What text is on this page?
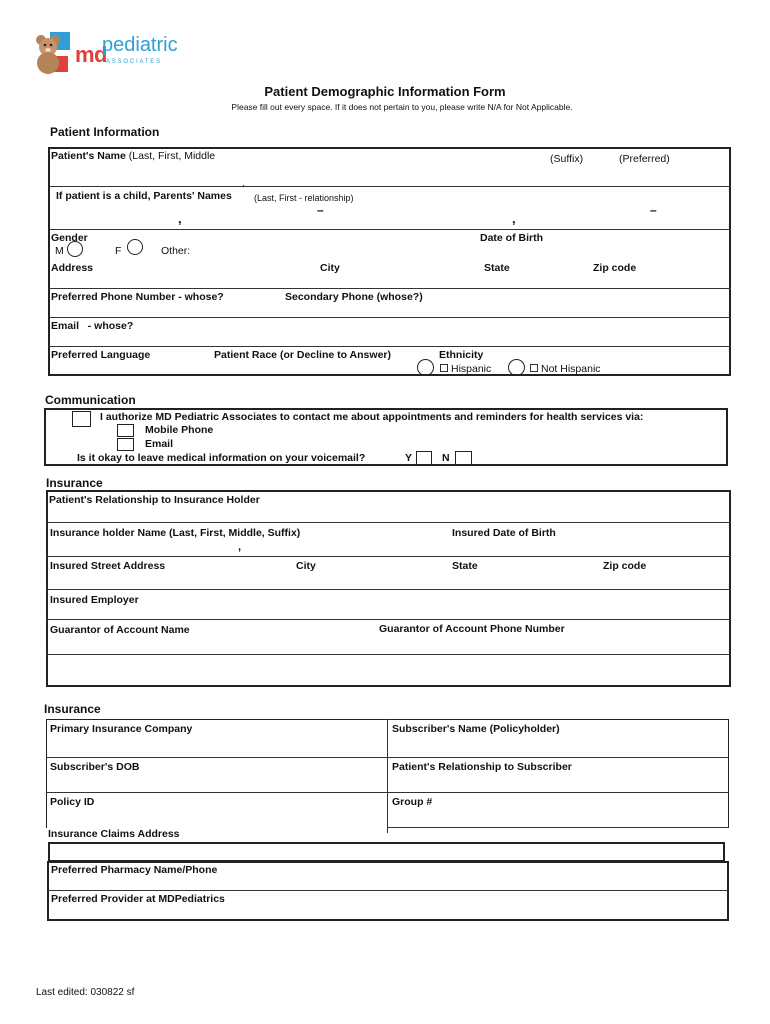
md
pediatric
ASSOCIATES
Patient Demographic Information Form
Please fill out every space. If it does not pertain to you, please write N/A for Not Applicable.
Patient Information
Patient's Name (Last, First, Middle	(Suffix)	(Preferred)
,
If patient is a child, Parents' Names (Last, First - relationship)
–	–
,	,
Gender
M	F	Other:
Date of Birth
Address	City	State	Zip code
Preferred Phone Number - whose?	Secondary Phone (whose?)
Email   - whose?
Preferred Language	Patient Race (or Decline to Answer)	Ethnicity
Hispanic	Not Hispanic
Communication
I authorize MD Pediatric Associates to contact me about appointments and reminders for health services via:
Mobile Phone
Email
Is it okay to leave medical information on your voicemail?	Y	N
Insurance
Patient's Relationship to Insurance Holder
Insurance holder Name (Last, First, Middle, Suffix)	Insured Date of Birth
,
Insured Street Address	City	State	Zip code
Insured Employer
Guarantor of Account Name	Guarantor of Account Phone Number
Insurance
Primary Insurance Company	Subscriber's Name (Policyholder)
Subscriber's DOB	Patient's Relationship to Subscriber
Policy ID	Group #
Insurance Claims Address
Preferred Pharmacy Name/Phone
Preferred Provider at MDPediatrics
Last edited: 030822 sf
